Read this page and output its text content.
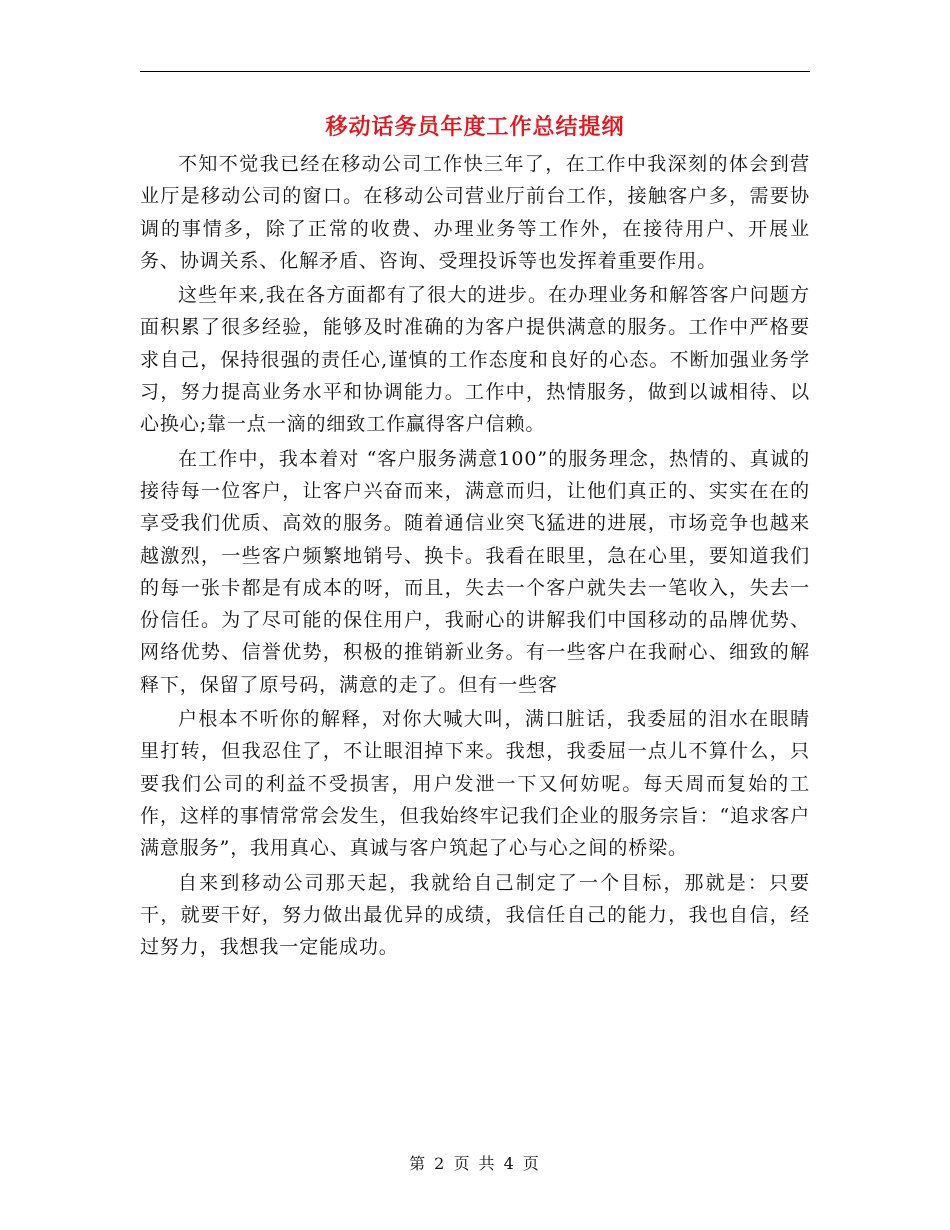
移动话务员年度工作总结提纲

不知不觉我已经在移动公司工作快三年了，在工作中我深刻的体会到营业厅是移动公司的窗口。在移动公司营业厅前台工作，接触客户多，需要协调的事情多，除了正常的收费、办理业务等工作外，在接待用户、开展业务、协调关系、化解矛盾、咨询、受理投诉等也发挥着重要作用。

这些年来,我在各方面都有了很大的进步。在办理业务和解答客户问题方面积累了很多经验，能够及时准确的为客户提供满意的服务。工作中严格要求自己，保持很强的责任心,谨慎的工作态度和良好的心态。不断加强业务学习，努力提高业务水平和协调能力。工作中，热情服务，做到以诚相待、以心换心;靠一点一滴的细致工作赢得客户信赖。

在工作中，我本着对 “客户服务满意100”的服务理念，热情的、真诚的接待每一位客户，让客户兴奋而来，满意而归，让他们真正的、实实在在的享受我们优质、高效的服务。随着通信业突飞猛进的进展，市场竞争也越来越激烈，一些客户频繁地销号、换卡。我看在眼里，急在心里，要知道我们的每一张卡都是有成本的呀，而且，失去一个客户就失去一笔收入，失去一份信任。为了尽可能的保住用户，我耐心的讲解我们中国移动的品牌优势、网络优势、信誉优势，积极的推销新业务。有一些客户在我耐心、细致的解释下，保留了原号码，满意的走了。但有一些客

户根本不听你的解释，对你大喊大叫，满口脏话，我委屈的泪水在眼睛里打转，但我忍住了，不让眼泪掉下来。我想，我委屈一点儿不算什么，只要我们公司的利益不受损害，用户发泄一下又何妨呢。每天周而复始的工作，这样的事情常常会发生，但我始终牢记我们企业的服务宗旨：“追求客户满意服务”，我用真心、真诚与客户筑起了心与心之间的桥梁。

自来到移动公司那天起，我就给自己制定了一个目标，那就是：只要干，就要干好，努力做出最优异的成绩，我信任自己的能力，我也自信，经过努力，我想我一定能成功。

第 2 页 共 4 页
